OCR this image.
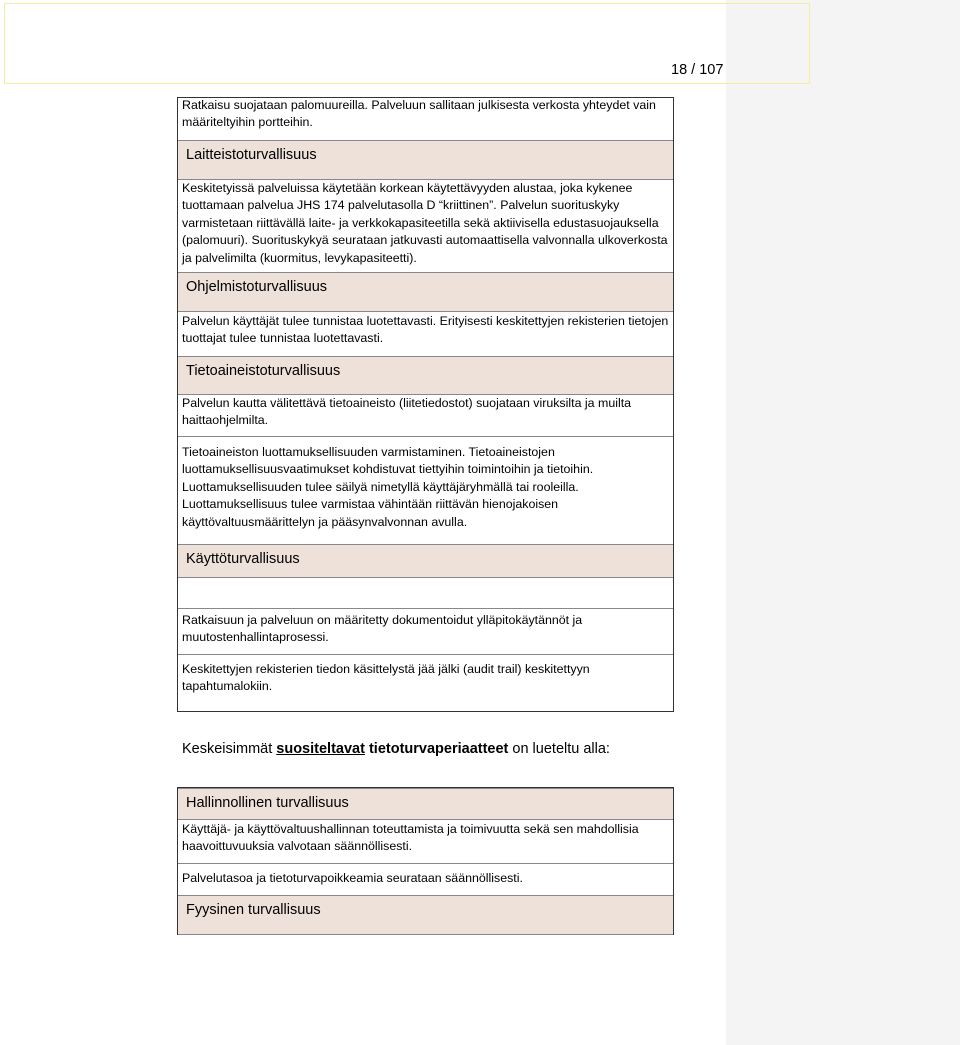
18 / 107
Ratkaisu suojataan palomuureilla. Palveluun sallitaan julkisesta verkosta yhteydet vain määriteltyihin portteihin.
Laitteistoturvallisuus
Keskitetyissä palveluissa käytetään korkean käytettävyyden alustaa, joka kykenee tuottamaan palvelua JHS 174 palvelutasolla D “kriittinen”. Palvelun suorituskyky varmistetaan riittävällä laite- ja verkkokapasiteetilla sekä aktiivisella edustasuojauksella (palomuuri). Suorituskykyä seurataan jatkuvasti automaattisella valvonnalla ulkoverkosta ja palvelimilta (kuormitus, levykapasiteetti).
Ohjelmistoturvallisuus
Palvelun käyttäjät tulee tunnistaa luotettavasti. Erityisesti keskitettyjen rekisterien tietojen tuottajat tulee tunnistaa luotettavasti.
Tietoaineistoturvallisuus
Palvelun kautta välitettävä tietoaineisto (liitetiedostot) suojataan viruksilta ja muilta haittaohjelmilta.
Tietoaineiston luottamuksellisuuden varmistaminen. Tietoaineistojen luottamuksellisuusvaatimukset kohdistuvat tiettyihin toimintoihin ja tietoihin. Luottamuksellisuuden tulee säilyä nimetyllä käyttäjäryhmällä tai rooleilla. Luottamuksellisuus tulee varmistaa vähintään riittävän hienojakoisen käyttövaltuusmäärittelyn ja pääsynvalvonnan avulla.
Käyttöturvallisuus
Ratkaisuun ja palveluun on määritetty dokumentoidut ylläpitokäytännöt ja muutostenhallintaprosessi.
Keskitettyjen rekisterien tiedon käsittelystä jää jälki (audit trail) keskitettyyn tapahtumalokiin.
Keskeisimmät suositeltavat tietoturvaperiaatteet on lueteltu alla:
Hallinnollinen turvallisuus
Käyttäjä- ja käyttövaltuushallinnan toteuttamista ja toimivuutta sekä sen mahdollisia haavoittuvuuksia valvotaan säännöllisesti.
Palvelutasoa ja tietoturvapoikkeamia seurataan säännöllisesti.
Fyysinen turvallisuus
